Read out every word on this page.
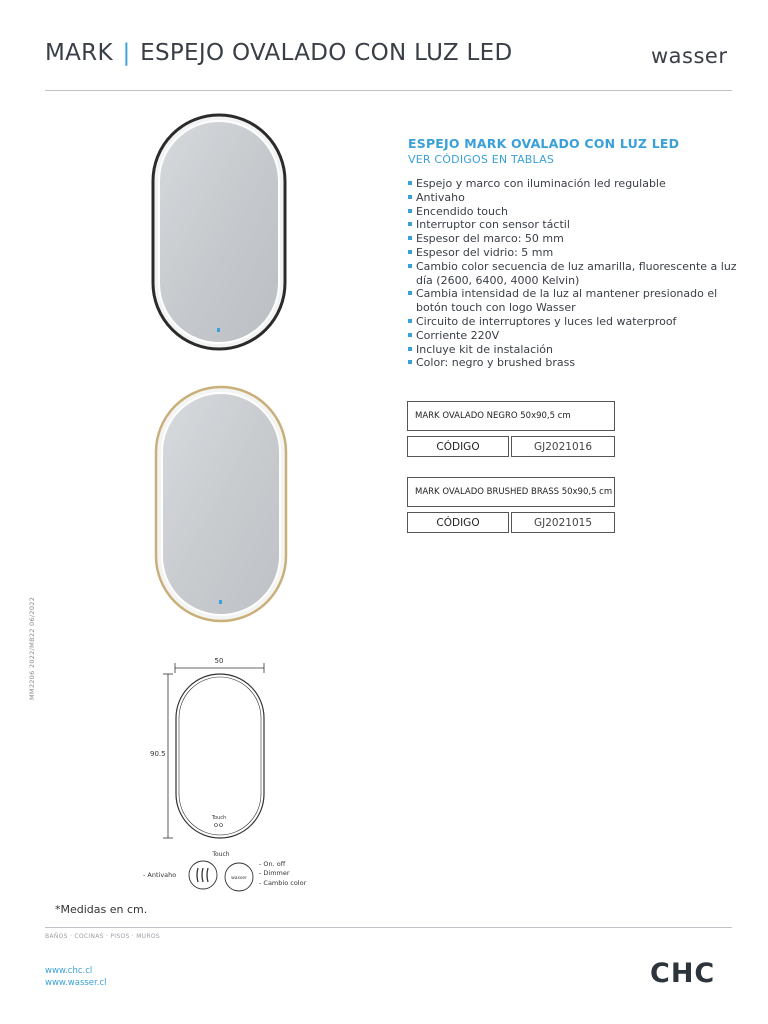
MARK | ESPEJO OVALADO CON LUZ LED	wasser
ESPEJO MARK OVALADO CON LUZ LED
VER CÓDIGOS EN TABLAS
Espejo y marco con iluminación led regulable
Antivaho
Encendido touch
Interruptor con sensor táctil
Espesor del marco: 50 mm
Espesor del vidrio: 5 mm
Cambio color secuencia de luz amarilla, fluorescente a luz día (2600, 6400, 4000 Kelvin)
Cambia intensidad de la luz al mantener presionado el botón touch con logo Wasser
Circuito de interruptores y luces led waterproof
Corriente 220V
Incluye kit de instalación
Color: negro y brushed brass
MARK OVALADO NEGRO 50x90,5 cm
CÓDIGO	GJ2021016
MARK OVALADO BRUSHED BRASS 50x90,5 cm
CÓDIGO	GJ2021015
MM2206 2022/MB22 06/2022	50
90.5
Touch
Touch
- Antivaho	wasser
- On. off
- Dimmer
- Cambio color
*Medidas en cm.
BAÑOS · COCINAS · PISOS · MUROS
www.chc.cl
www.wasser.cl	CHC
